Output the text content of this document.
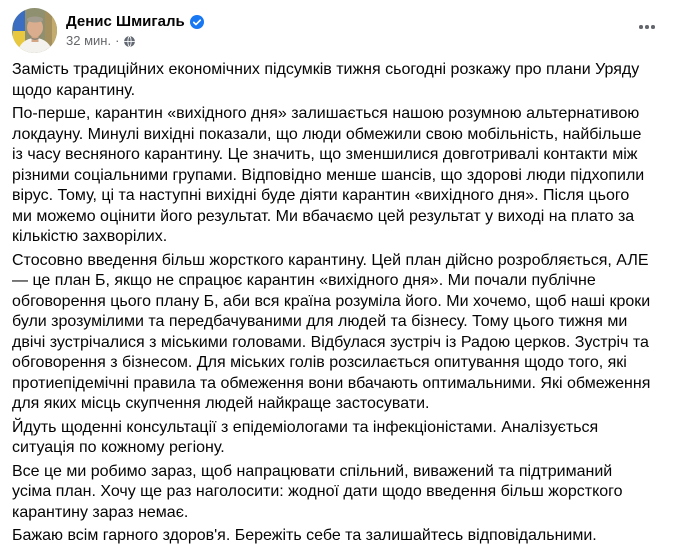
Денис Шмигаль
32 мин. ·

Замість традиційних економічних підсумків тижня сьогодні розкажу про плани Уряду щодо карантину.

По-перше, карантин «вихідного дня» залишається нашою розумною альтернативою локдауну. Минулі вихідні показали, що люди обмежили свою мобільність, найбільше із часу весняного карантину. Це значить, що зменшилися довготривалі контакти між різними соціальними групами. Відповідно менше шансів, що здорові люди підхопили вірус. Тому, ці та наступні вихідні буде діяти карантин «вихідного дня». Після цього ми можемо оцінити його результат. Ми вбачаємо цей результат у виході на плато за кількістю захворілих.

Стосовно введення більш жорсткого карантину. Цей план дійсно розробляється, АЛЕ — це план Б, якщо не спрацює карантин «вихідного дня». Ми почали публічне обговорення цього плану Б, аби вся країна розуміла його. Ми хочемо, щоб наші кроки були зрозумілими та передбачуваними для людей та бізнесу. Тому цього тижня ми двічі зустрічалися з міськими головами. Відбулася зустріч із Радою церков. Зустріч та обговорення з бізнесом. Для міських голів розсилається опитування щодо того, які протиепідемічні правила та обмеження вони вбачають оптимальними. Які обмеження для яких місць скупчення людей найкраще застосувати.

Йдуть щоденні консультації з епідеміологами та інфекціоністами. Аналізується ситуація по кожному регіону.

Все це ми робимо зараз, щоб напрацювати спільний, виважений та підтриманий усіма план. Хочу ще раз наголосити: жодної дати щодо введення більш жорсткого карантину зараз немає.

Бажаю всім гарного здоров'я. Бережіть себе та залишайтесь відповідальними.
